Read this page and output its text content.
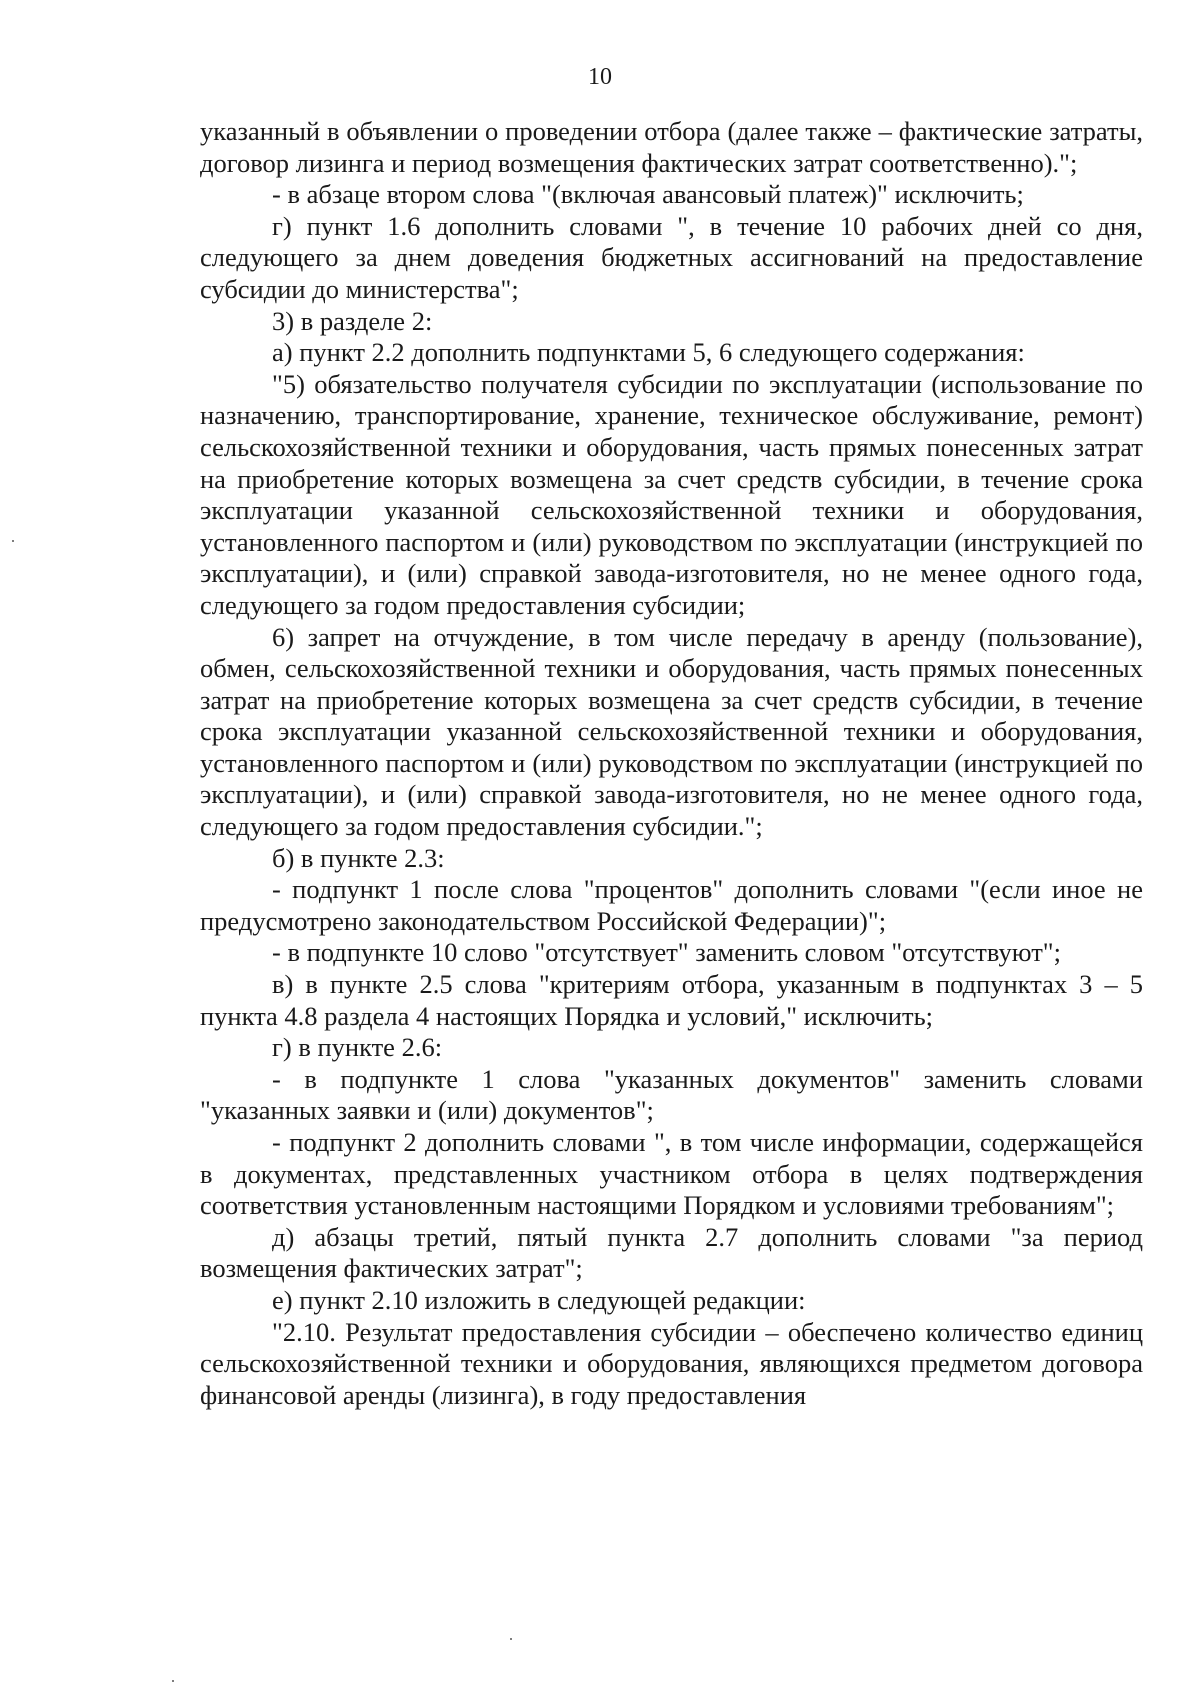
10

указанный в объявлении о проведении отбора (далее также – фактические затраты, договор лизинга и период возмещения фактических затрат соответственно).";

- в абзаце втором слова "(включая авансовый платеж)" исключить;

г) пункт 1.6 дополнить словами ", в течение 10 рабочих дней со дня, следующего за днем доведения бюджетных ассигнований на предоставление субсидии до министерства";

3) в разделе 2:

а) пункт 2.2 дополнить подпунктами 5, 6 следующего содержания:

"5) обязательство получателя субсидии по эксплуатации (использование по назначению, транспортирование, хранение, техническое обслуживание, ремонт) сельскохозяйственной техники и оборудования, часть прямых понесенных затрат на приобретение которых возмещена за счет средств субсидии, в течение срока эксплуатации указанной сельскохозяйственной техники и оборудования, установленного паспортом и (или) руководством по эксплуатации (инструкцией по эксплуатации), и (или) справкой завода-изготовителя, но не менее одного года, следующего за годом предоставления субсидии;

6) запрет на отчуждение, в том числе передачу в аренду (пользование), обмен, сельскохозяйственной техники и оборудования, часть прямых понесенных затрат на приобретение которых возмещена за счет средств субсидии, в течение срока эксплуатации указанной сельскохозяйственной техники и оборудования, установленного паспортом и (или) руководством по эксплуатации (инструкцией по эксплуатации), и (или) справкой завода-изготовителя, но не менее одного года, следующего за годом предоставления субсидии.";

б) в пункте 2.3:

- подпункт 1 после слова "процентов" дополнить словами "(если иное не предусмотрено законодательством Российской Федерации)";

- в подпункте 10 слово "отсутствует" заменить словом "отсутствуют";

в) в пункте 2.5 слова "критериям отбора, указанным в подпунктах 3 – 5 пункта 4.8 раздела 4 настоящих Порядка и условий," исключить;

г) в пункте 2.6:

- в подпункте 1 слова "указанных документов" заменить словами "указанных заявки и (или) документов";

- подпункт 2 дополнить словами ", в том числе информации, содержащейся в документах, представленных участником отбора в целях подтверждения соответствия установленным настоящими Порядком и условиями требованиям";

д) абзацы третий, пятый пункта 2.7 дополнить словами "за период возмещения фактических затрат";

е) пункт 2.10 изложить в следующей редакции:

"2.10. Результат предоставления субсидии – обеспечено количество единиц сельскохозяйственной техники и оборудования, являющихся предметом договора финансовой аренды (лизинга), в году предоставления
